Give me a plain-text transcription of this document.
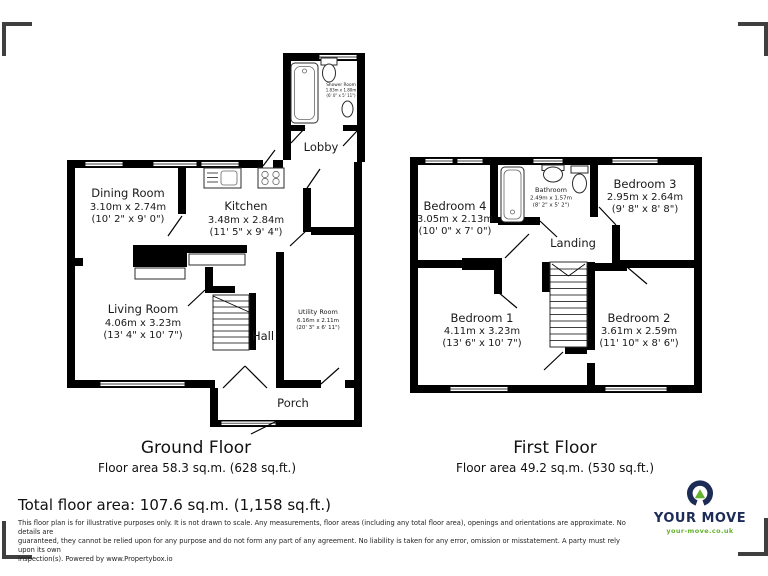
Dining Room
3.10m x 2.74m
(10' 2" x 9' 0")
Kitchen
3.48m x 2.84m
(11' 5" x 9' 4")
Living Room
4.06m x 3.23m
(13' 4" x 10' 7")
Utility Room
6.16m x 2.11m
(20' 3" x 6' 11")
Shower Room
1.83m x 1.80m
(6' 0" x 5' 11")
Lobby
Hall
Porch
Bedroom 4
3.05m x 2.13m
(10' 0" x 7' 0")
Bathroom
2.49m x 1.57m
(8' 2" x 5' 2")
Bedroom 3
2.95m x 2.64m
(9' 8" x 8' 8")
Landing
Bedroom 1
4.11m x 3.23m
(13' 6" x 10' 7")
Bedroom 2
3.61m x 2.59m
(11' 10" x 8' 6")
Ground Floor
Floor area 58.3 sq.m. (628 sq.ft.)
First Floor
Floor area 49.2 sq.m. (530 sq.ft.)
Total floor area: 107.6 sq.m. (1,158 sq.ft.)
This floor plan is for illustrative purposes only. It is not drawn to scale. Any measurements, floor areas (including any total floor area), openings and orientations are approximate. No details are
guaranteed, they cannot be relied upon for any purpose and do not form any part of any agreement. No liability is taken for any error, omission or misstatement. A party must rely upon its own
inspection(s). Powered by www.Propertybox.io
YOUR MOVE
your-move.co.uk
